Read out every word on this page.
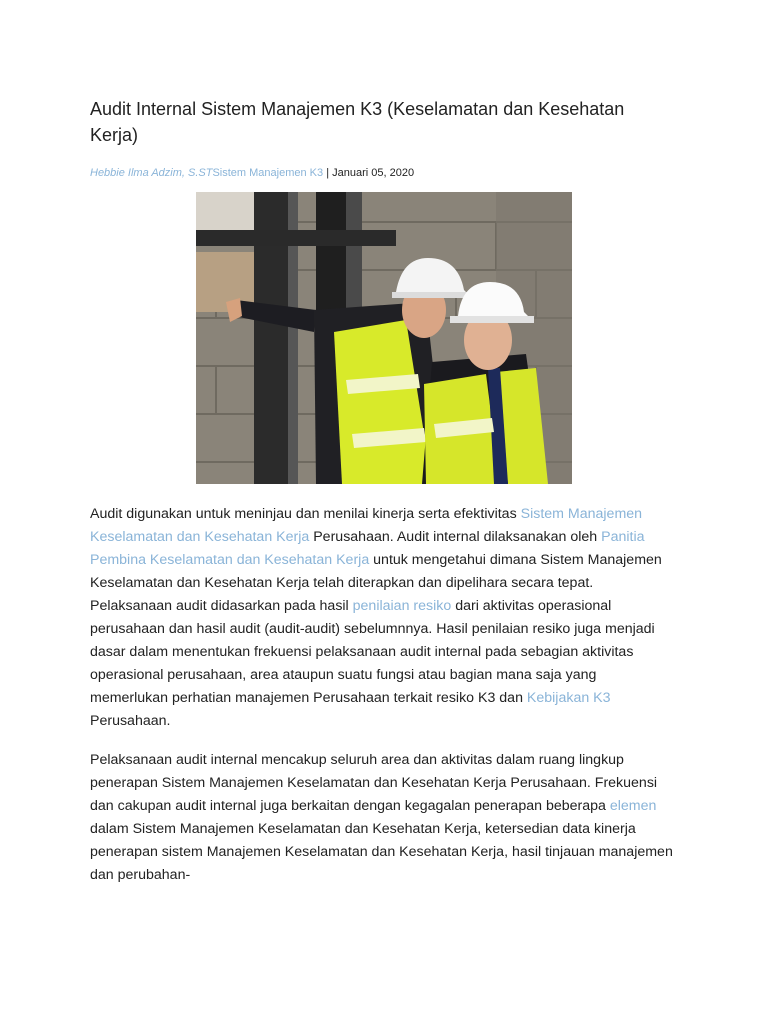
Audit Internal Sistem Manajemen K3 (Keselamatan dan Kesehatan Kerja)
Hebbie Ilma Adzim, S.STSistem Manajemen K3 | Januari 05, 2020

Audit digunakan untuk meninjau dan menilai kinerja serta efektivitas Sistem Manajemen Keselamatan dan Kesehatan Kerja Perusahaan. Audit internal dilaksanakan oleh Panitia Pembina Keselamatan dan Kesehatan Kerja untuk mengetahui dimana Sistem Manajemen Keselamatan dan Kesehatan Kerja telah diterapkan dan dipelihara secara tepat. Pelaksanaan audit didasarkan pada hasil penilaian resiko dari aktivitas operasional perusahaan dan hasil audit (audit-audit) sebelumnnya. Hasil penilaian resiko juga menjadi dasar dalam menentukan frekuensi pelaksanaan audit internal pada sebagian aktivitas operasional perusahaan, area ataupun suatu fungsi atau bagian mana saja yang memerlukan perhatian manajemen Perusahaan terkait resiko K3 dan Kebijakan K3 Perusahaan.

Pelaksanaan audit internal mencakup seluruh area dan aktivitas dalam ruang lingkup penerapan Sistem Manajemen Keselamatan dan Kesehatan Kerja Perusahaan. Frekuensi dan cakupan audit internal juga berkaitan dengan kegagalan penerapan beberapa elemen dalam Sistem Manajemen Keselamatan dan Kesehatan Kerja, ketersedian data kinerja penerapan sistem Manajemen Keselamatan dan Kesehatan Kerja, hasil tinjauan manajemen dan perubahan-
